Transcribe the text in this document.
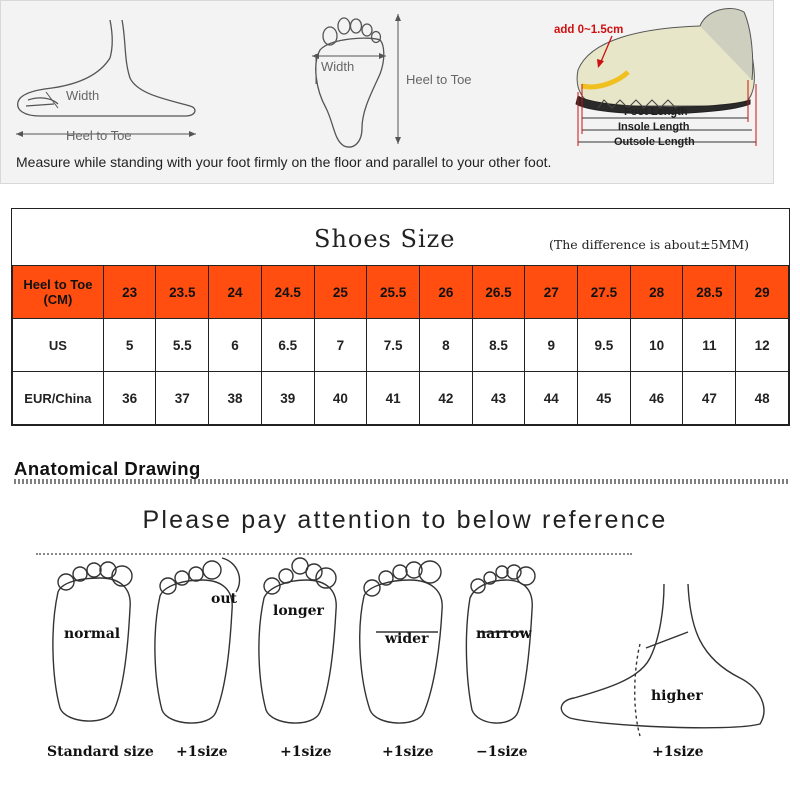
Width
Heel to Toe
Width
Heel to Toe
Measure while standing with your foot firmly on the floor and parallel to your other foot.
add 0~1.5cm
Foot Length
Insole Length
Outsole Length
Shoes Size	(The difference is about±5MM)
Heel to Toe (CM)	23	23.5	24	24.5	25	25.5	26	26.5	27	27.5	28	28.5	29
US	5	5.5	6	6.5	7	7.5	8	8.5	9	9.5	10	11	12
EUR/China	36	37	38	39	40	41	42	43	44	45	46	47	48
Anatomical Drawing
Please pay attention to below reference
normal
out
longer
wider	narrow
higher
Standard size +1size	+1size	+1size	−1size	+1size
